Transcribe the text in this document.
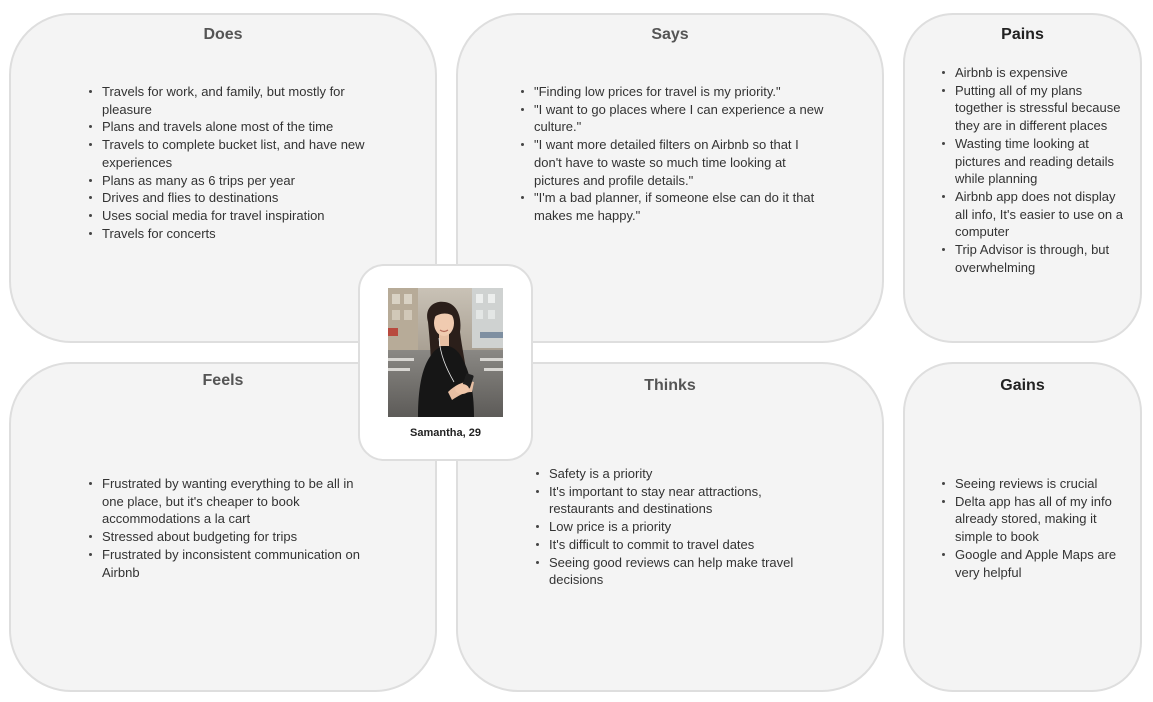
Does
Travels for work, and family, but mostly for pleasure
Plans and travels alone most of the time
Travels to complete bucket list, and have new experiences
Plans as many as 6 trips per year
Drives and flies to destinations
Uses social media for travel inspiration
Travels for concerts
Says
"Finding low prices for travel is my priority."
"I want to go places where I can experience a new culture."
"I want more detailed filters on Airbnb so that I don't have to waste so much time looking at pictures and profile details."
"I'm a bad planner, if someone else can do it that makes me happy."
Pains
Airbnb is expensive
Putting all of my plans together is stressful because they are in different places
Wasting time looking at pictures and reading details while planning
Airbnb app does not display all info, It's easier to use on a computer
Trip Advisor is through, but overwhelming
Feels
Frustrated by wanting everything to be all in one place, but it's cheaper to book accommodations a la cart
Stressed about budgeting for trips
Frustrated by inconsistent communication on Airbnb
Thinks
Safety is a priority
It's important to stay near attractions, restaurants and destinations
Low price is a priority
It's difficult to commit to travel dates
Seeing good reviews can help make travel decisions
Gains
Seeing reviews is crucial
Delta app has all of my info already stored, making it simple to book
Google and Apple Maps are very helpful
Samantha, 29
